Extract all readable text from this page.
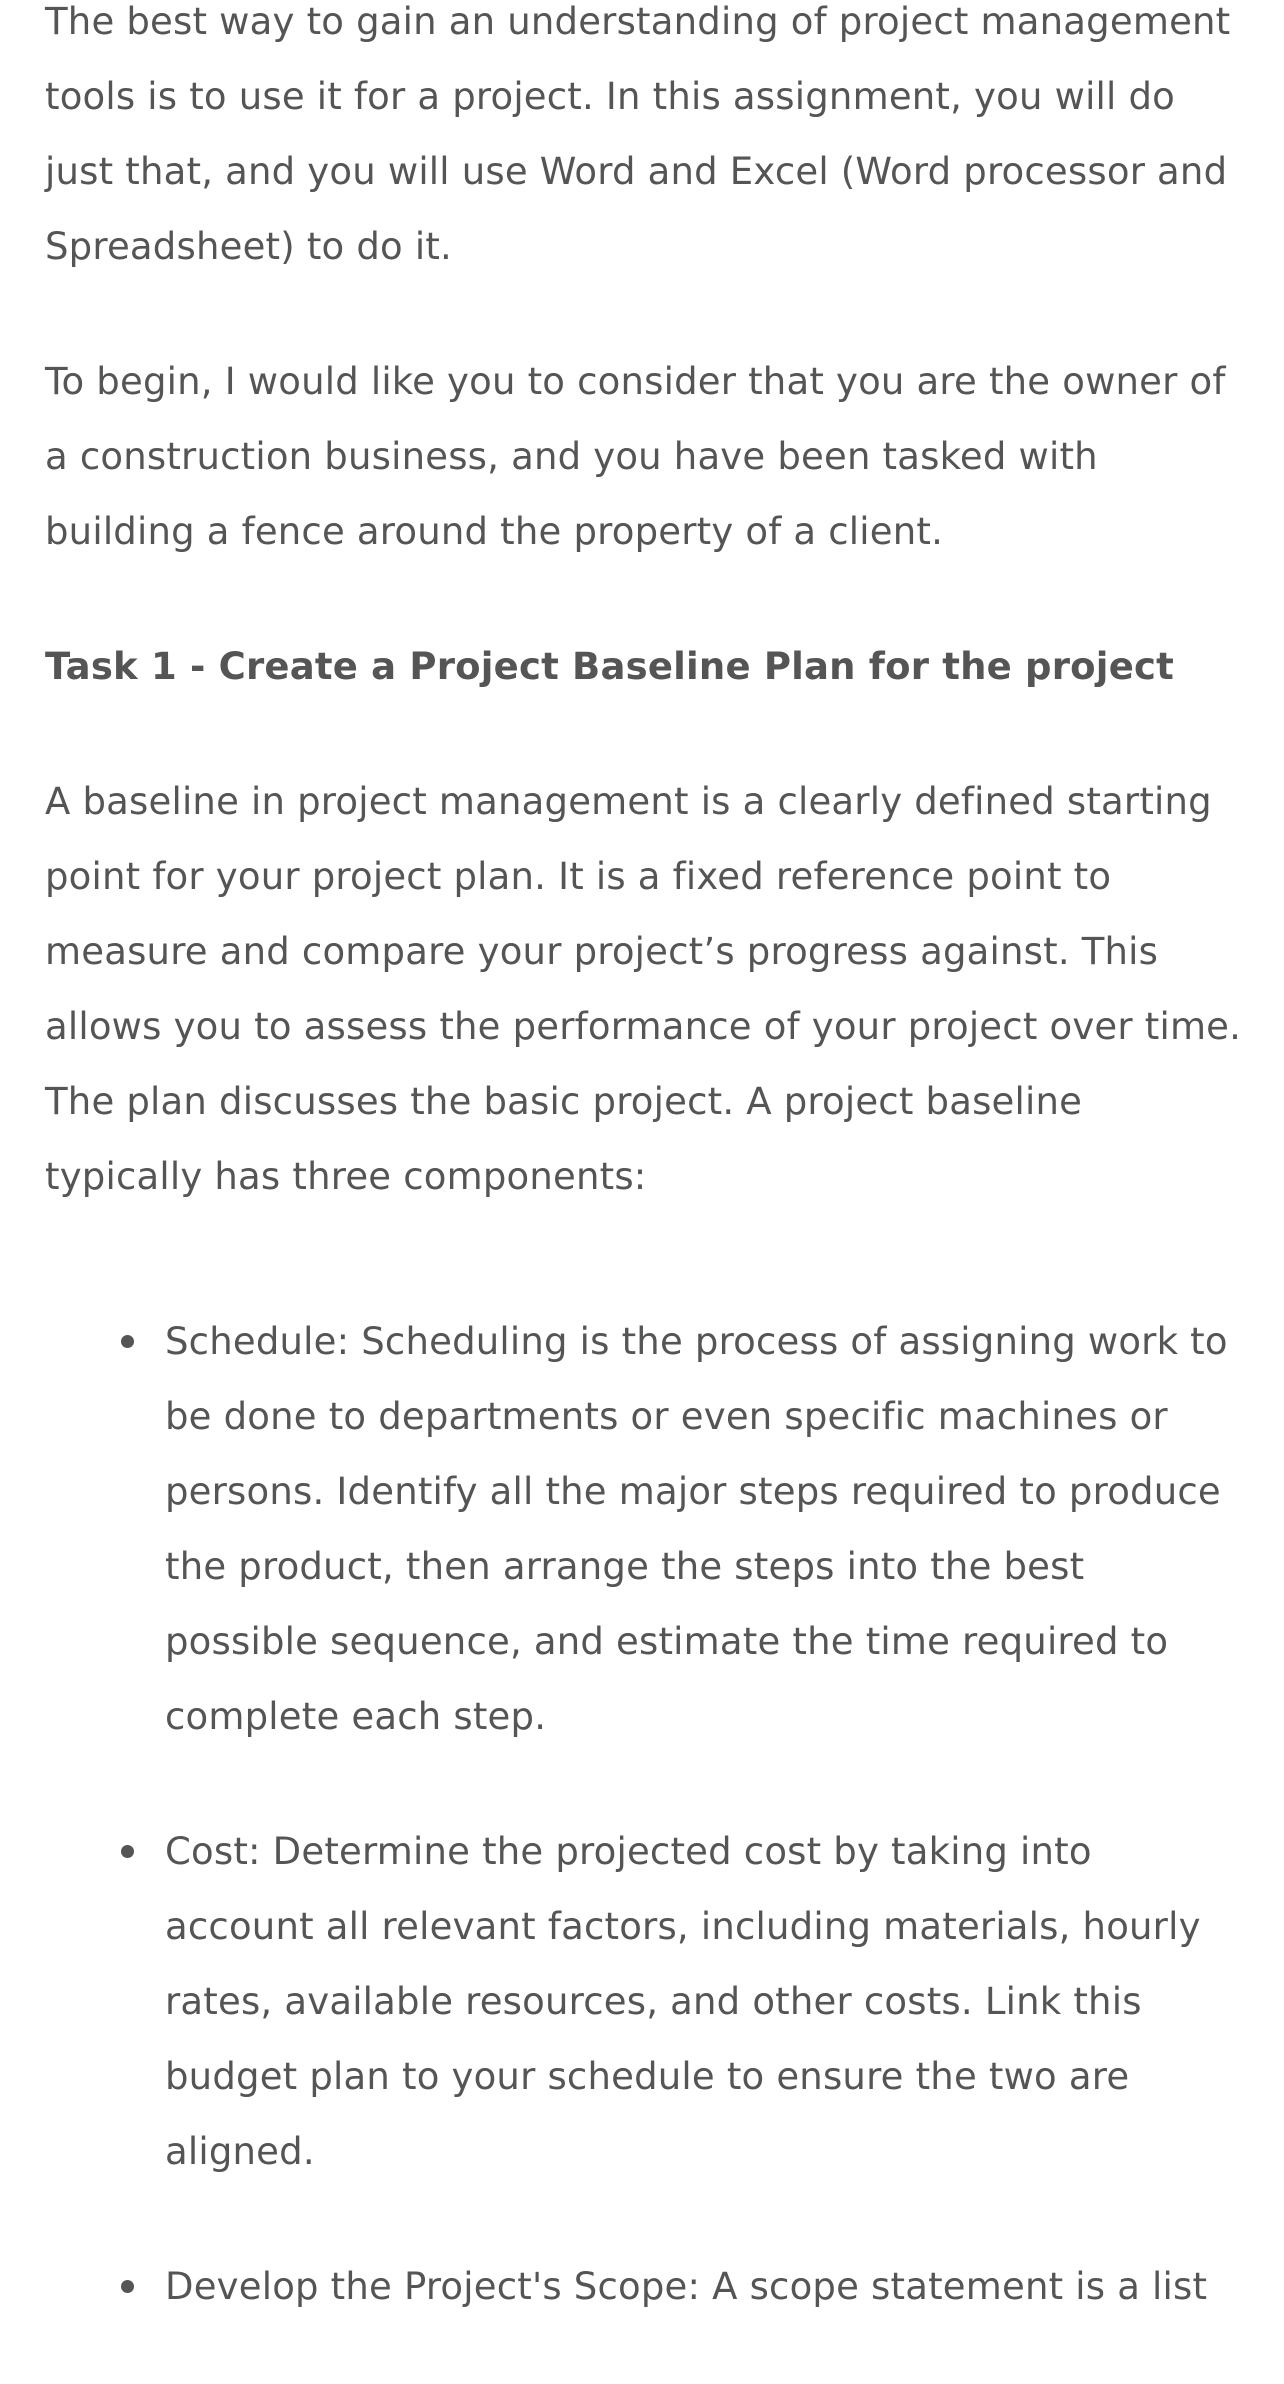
The best way to gain an understanding of project management tools is to use it for a project. In this assignment, you will do just that, and you will use Word and Excel (Word processor and Spreadsheet) to do it.

To begin, I would like you to consider that you are the owner of a construction business, and you have been tasked with building a fence around the property of a client.

Task 1 - Create a Project Baseline Plan for the project

A baseline in project management is a clearly defined starting point for your project plan. It is a fixed reference point to measure and compare your project’s progress against. This allows you to assess the performance of your project over time. The plan discusses the basic project. A project baseline typically has three components:

Schedule: Scheduling is the process of assigning work to be done to departments or even specific machines or persons. Identify all the major steps required to produce the product, then arrange the steps into the best possible sequence, and estimate the time required to complete each step.
Cost: Determine the projected cost by taking into account all relevant factors, including materials, hourly rates, available resources, and other costs. Link this budget plan to your schedule to ensure the two are aligned.
Develop the Project's Scope: A scope statement is a list
